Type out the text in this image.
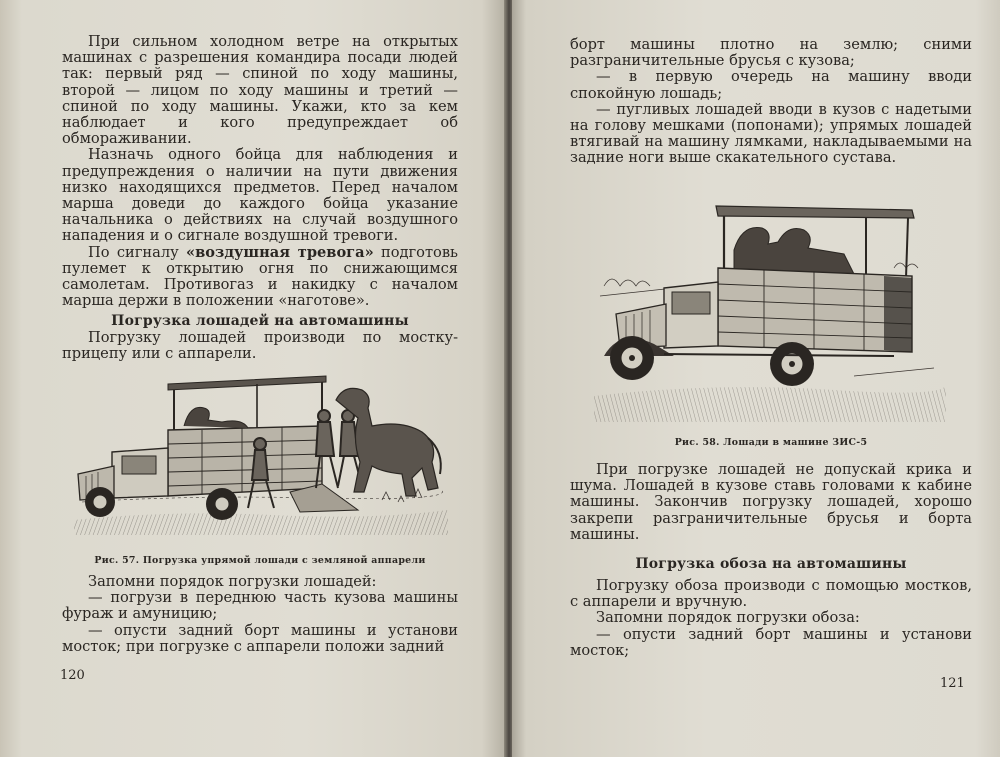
При сильном холодном ветре на открытых машинах с разрешения командира посади людей так: первый ряд — спиной по ходу машины, второй — лицом по ходу машины и третий — спиной по ходу машины. Укажи, кто за кем наблюдает и кого предупреждает об обмораживании.

Назначь одного бойца для наблюдения и предупреждения о наличии на пути движения низко находящихся предметов. Перед началом марша доведи до каждого бойца указание начальника о действиях на случай воздушного нападения и о сигнале воздушной тревоги.

По сигналу «воздушная тревога» подготовь пулемет к открытию огня по снижающимся самолетам. Противогаз и накидку с началом марша держи в положении «наготове».

Погрузка лошадей на автомашины

Погрузку лошадей производи по мостку-прицепу или с аппарели.

Рис. 57. Погрузка упрямой лошади с земляной аппарели

Запомни порядок погрузки лошадей:

— погрузи в переднюю часть кузова машины фураж и амуницию;

— опусти задний борт машины и установи мосток; при погрузке с аппарели положи задний

120

борт машины плотно на землю; сними разграничительные брусья с кузова;

— в первую очередь на машину вводи спокойную лошадь;

— пугливых лошадей вводи в кузов с надетыми на голову мешками (попонами); упрямых лошадей втягивай на машину лямками, накладываемыми на задние ноги выше скакательного сустава.

Рис. 58. Лошади в машине ЗИС-5

При погрузке лошадей не допускай крика и шума. Лошадей в кузове ставь головами к кабине машины. Закончив погрузку лошадей, хорошо закрепи разграничительные брусья и борта машины.

Погрузка обоза на автомашины

Погрузку обоза производи с помощью мостков, с аппарели и вручную.

Запомни порядок погрузки обоза:

— опусти задний борт машины и установи мосток;

121
